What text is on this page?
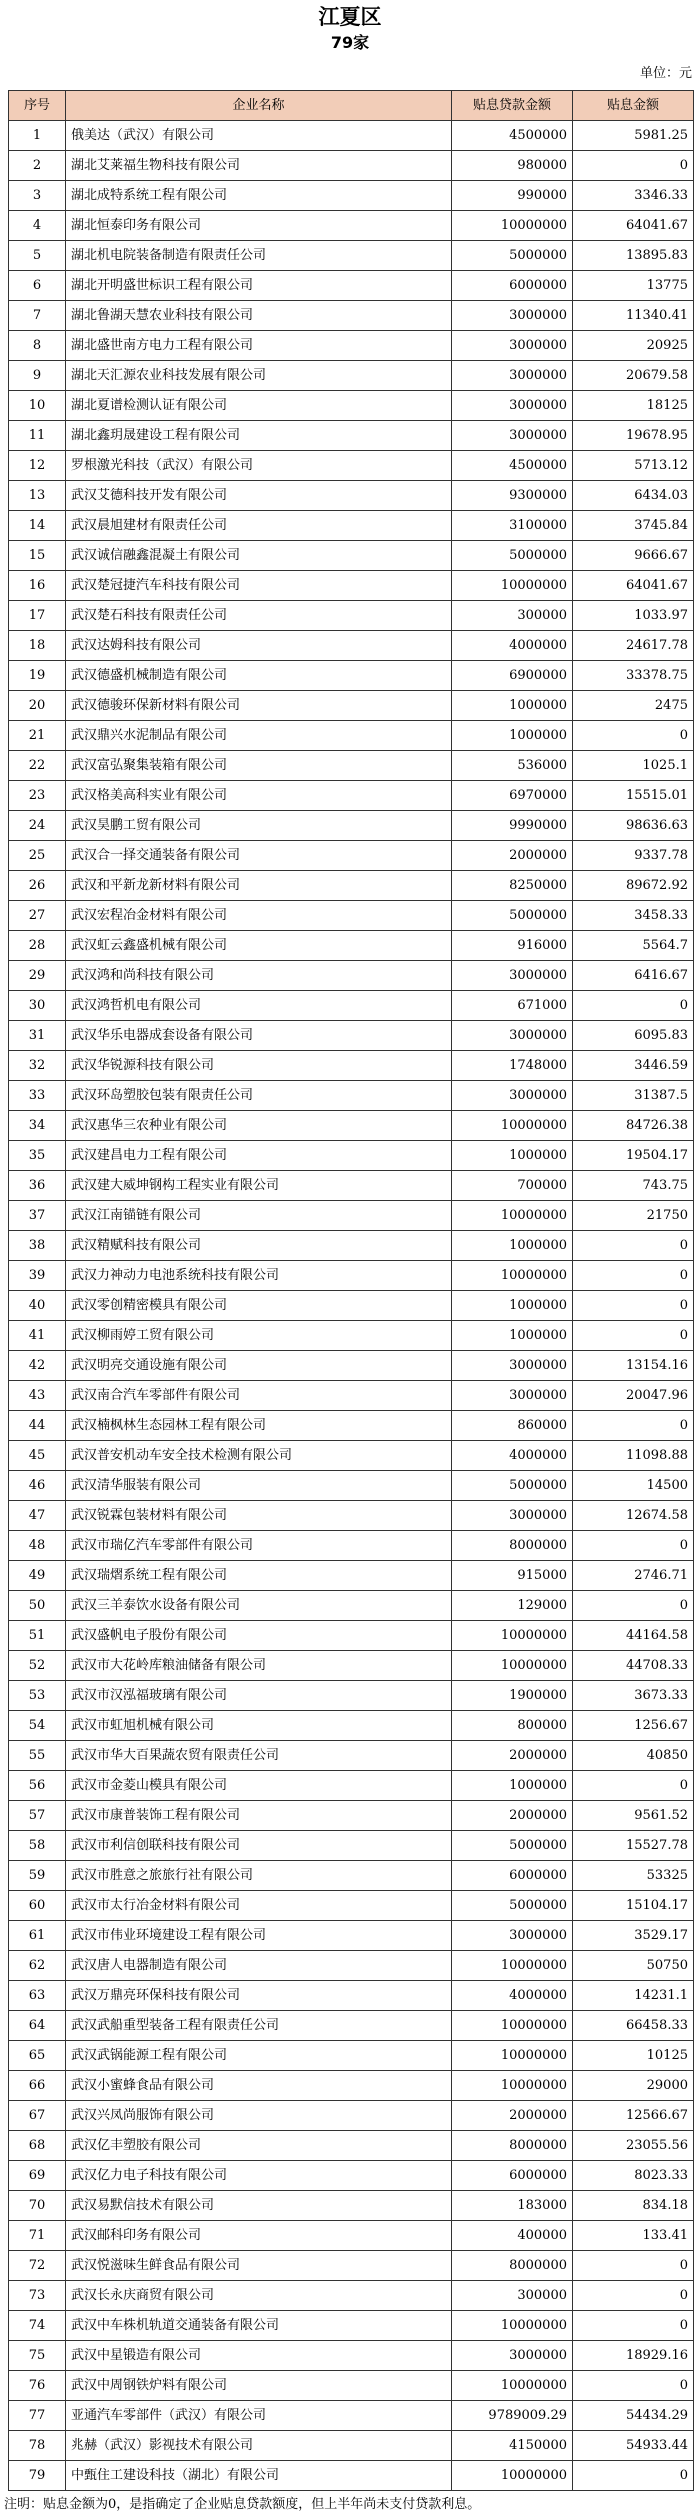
江夏区
79家
单位：元
序号	企业名称	贴息贷款金额	贴息金额
1	俄美达（武汉）有限公司	4500000	5981.25
2	湖北艾莱福生物科技有限公司	980000	0
3	湖北成特系统工程有限公司	990000	3346.33
4	湖北恒泰印务有限公司	10000000	64041.67
5	湖北机电院装备制造有限责任公司	5000000	13895.83
6	湖北开明盛世标识工程有限公司	6000000	13775
7	湖北鲁湖天慧农业科技有限公司	3000000	11340.41
8	湖北盛世南方电力工程有限公司	3000000	20925
9	湖北天汇源农业科技发展有限公司	3000000	20679.58
10	湖北夏谱检测认证有限公司	3000000	18125
11	湖北鑫玥晟建设工程有限公司	3000000	19678.95
12	罗根激光科技（武汉）有限公司	4500000	5713.12
13	武汉艾德科技开发有限公司	9300000	6434.03
14	武汉晨旭建材有限责任公司	3100000	3745.84
15	武汉诚信融鑫混凝土有限公司	5000000	9666.67
16	武汉楚冠捷汽车科技有限公司	10000000	64041.67
17	武汉楚石科技有限责任公司	300000	1033.97
18	武汉达姆科技有限公司	4000000	24617.78
19	武汉德盛机械制造有限公司	6900000	33378.75
20	武汉德骏环保新材料有限公司	1000000	2475
21	武汉鼎兴水泥制品有限公司	1000000	0
22	武汉富弘聚集装箱有限公司	536000	1025.1
23	武汉格美高科实业有限公司	6970000	15515.01
24	武汉昊鹏工贸有限公司	9990000	98636.63
25	武汉合一择交通装备有限公司	2000000	9337.78
26	武汉和平新龙新材料有限公司	8250000	89672.92
27	武汉宏程冶金材料有限公司	5000000	3458.33
28	武汉虹云鑫盛机械有限公司	916000	5564.7
29	武汉鸿和尚科技有限公司	3000000	6416.67
30	武汉鸿哲机电有限公司	671000	0
31	武汉华乐电器成套设备有限公司	3000000	6095.83
32	武汉华锐源科技有限公司	1748000	3446.59
33	武汉环岛塑胶包装有限责任公司	3000000	31387.5
34	武汉惠华三农种业有限公司	10000000	84726.38
35	武汉建昌电力工程有限公司	1000000	19504.17
36	武汉建大威坤钢构工程实业有限公司	700000	743.75
37	武汉江南锚链有限公司	10000000	21750
38	武汉精赋科技有限公司	1000000	0
39	武汉力神动力电池系统科技有限公司	10000000	0
40	武汉零创精密模具有限公司	1000000	0
41	武汉柳雨婷工贸有限公司	1000000	0
42	武汉明亮交通设施有限公司	3000000	13154.16
43	武汉南合汽车零部件有限公司	3000000	20047.96
44	武汉楠枫林生态园林工程有限公司	860000	0
45	武汉普安机动车安全技术检测有限公司	4000000	11098.88
46	武汉清华服装有限公司	5000000	14500
47	武汉锐霖包装材料有限公司	3000000	12674.58
48	武汉市瑞亿汽车零部件有限公司	8000000	0
49	武汉瑞熠系统工程有限公司	915000	2746.71
50	武汉三羊泰饮水设备有限公司	129000	0
51	武汉盛帆电子股份有限公司	10000000	44164.58
52	武汉市大花岭库粮油储备有限公司	10000000	44708.33
53	武汉市汉泓福玻璃有限公司	1900000	3673.33
54	武汉市虹旭机械有限公司	800000	1256.67
55	武汉市华大百果蔬农贸有限责任公司	2000000	40850
56	武汉市金菱山模具有限公司	1000000	0
57	武汉市康普装饰工程有限公司	2000000	9561.52
58	武汉市利信创联科技有限公司	5000000	15527.78
59	武汉市胜意之旅旅行社有限公司	6000000	53325
60	武汉市太行冶金材料有限公司	5000000	15104.17
61	武汉市伟业环境建设工程有限公司	3000000	3529.17
62	武汉唐人电器制造有限公司	10000000	50750
63	武汉万鼎亮环保科技有限公司	4000000	14231.1
64	武汉武船重型装备工程有限责任公司	10000000	66458.33
65	武汉武锅能源工程有限公司	10000000	10125
66	武汉小蜜蜂食品有限公司	10000000	29000
67	武汉兴凤尚服饰有限公司	2000000	12566.67
68	武汉亿丰塑胶有限公司	8000000	23055.56
69	武汉亿力电子科技有限公司	6000000	8023.33
70	武汉易默信技术有限公司	183000	834.18
71	武汉邮科印务有限公司	400000	133.41
72	武汉悦滋味生鲜食品有限公司	8000000	0
73	武汉长永庆商贸有限公司	300000	0
74	武汉中车株机轨道交通装备有限公司	10000000	0
75	武汉中星锻造有限公司	3000000	18929.16
76	武汉中周钢铁炉料有限公司	10000000	0
77	亚通汽车零部件（武汉）有限公司	9789009.29	54434.29
78	兆赫（武汉）影视技术有限公司	4150000	54933.44
79	中甄住工建设科技（湖北）有限公司	10000000	0
注明：贴息金额为0，是指确定了企业贴息贷款额度，但上半年尚未支付贷款利息。
